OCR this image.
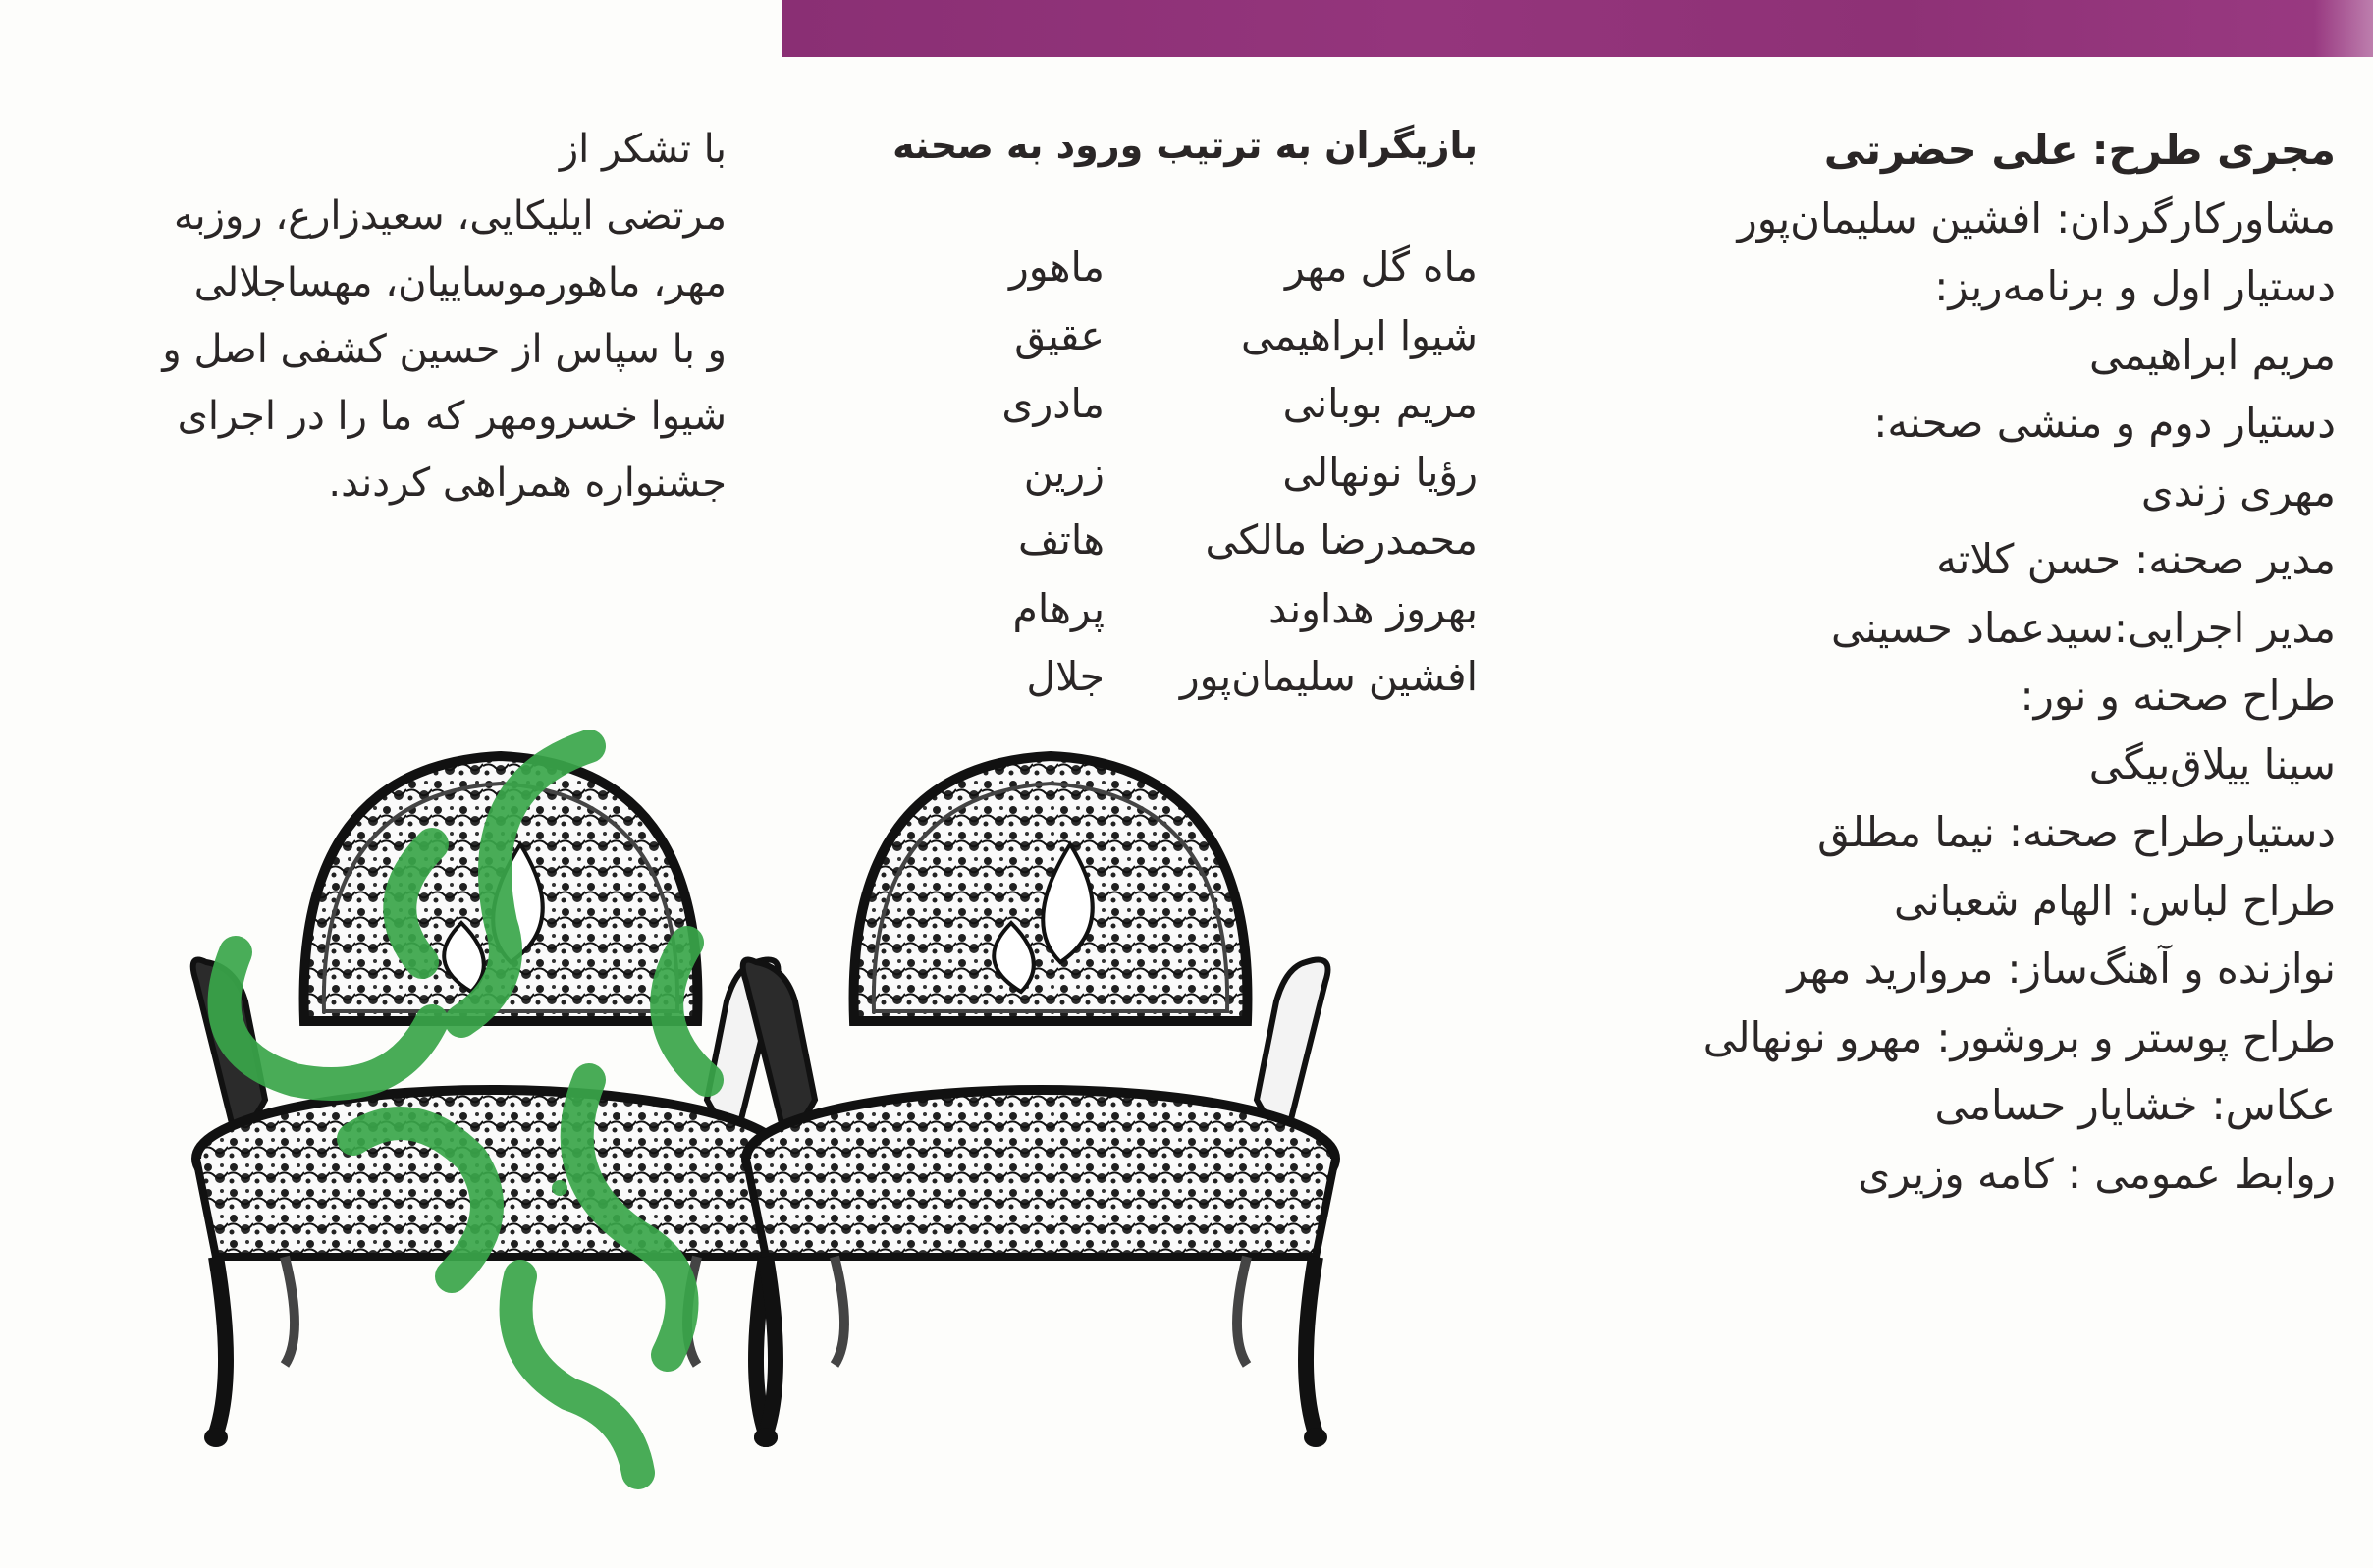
مجری طرح:علی حضرتی
مشاورکارگردان:افشین سلیمان‌پور
دستیار اول و برنامه‌ریز:
مریم ابراهیمی
دستیار دوم و منشی صحنه:
مهری زندی
مدیر صحنه:حسن کلاته
مدیر اجرایی:سیدعماد حسینی
طراح صحنه و نور:
سینا ییلاق‌بیگی
دستیارطراح صحنه:نیما مطلق
طراح لباس:الهام شعبانی
نوازنده و آهنگ‌ساز:مروارید مهر
طراح پوستر و بروشور:مهرو نونهالی
عکاس:خشایار حسامی
روابط عمومی :کامه وزیری
بازیگران به ترتیب ورود به صحنه
ماه گل مهر
ماهور
شیوا ابراهیمی
عقیق
مریم بوبانی
مادری
رؤیا نونهالی
زرین
محمدرضا مالکی
هاتف
بهروز هداوند
پرهام
افشین سلیمان‌پور
جلال
با تشکر از
مرتضی ایلیکایی، سعیدزارع، روزبه
مهر، ماهورموساییان، مهساجلالی
و با سپاس از حسین کشفی اصل و
شیوا خسرومهر که ما را در اجرای
جشنواره همراهی کردند.
